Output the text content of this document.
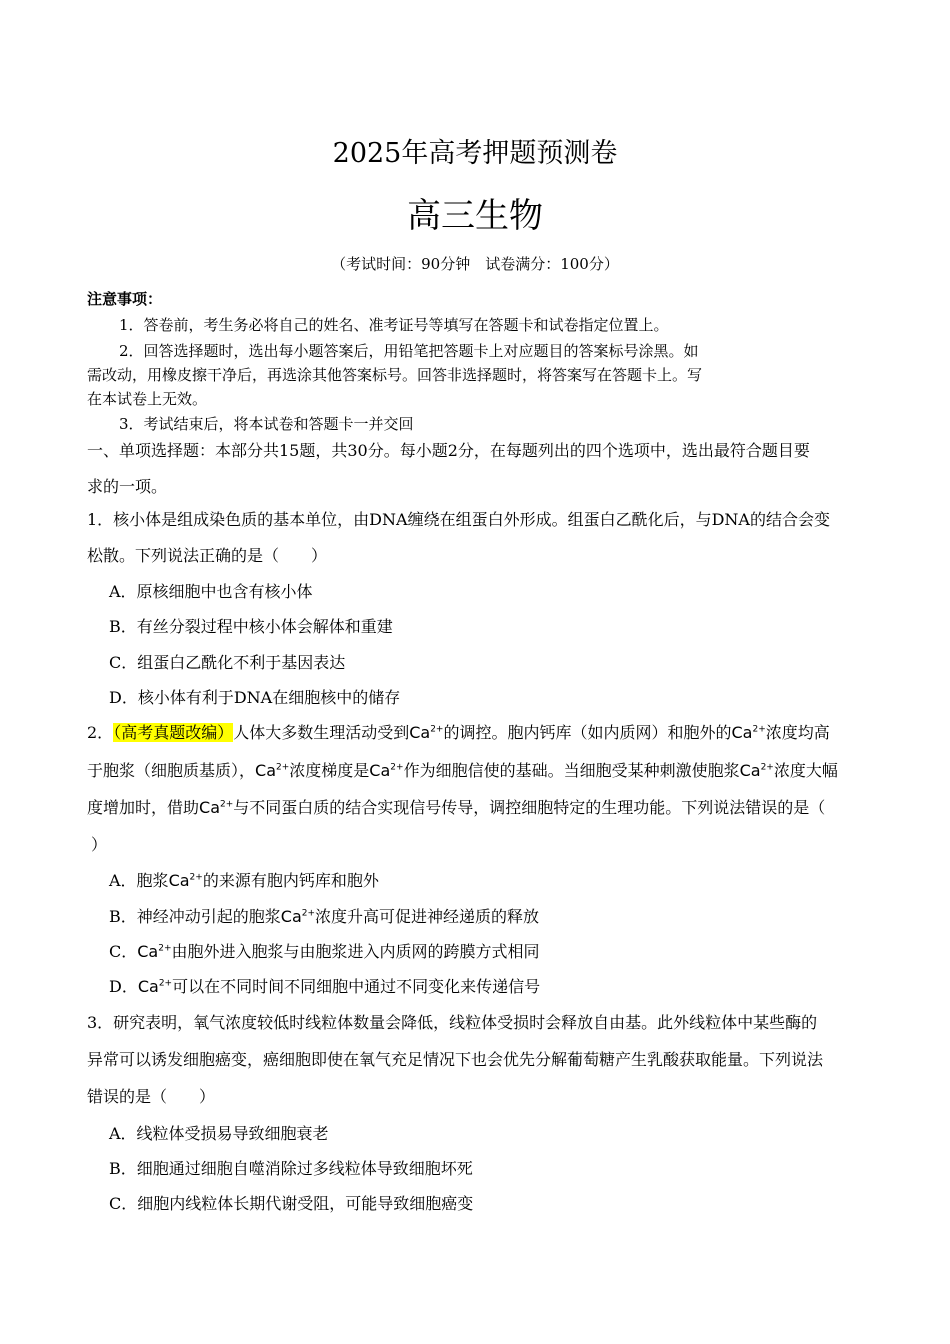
2025年高考押题预测卷
高三生物
（考试时间：90分钟　试卷满分：100分）
注意事项：
1．答卷前，考生务必将自己的姓名、准考证号等填写在答题卡和试卷指定位置上。
2．回答选择题时，选出每小题答案后，用铅笔把答题卡上对应题目的答案标号涂黑。如
需改动，用橡皮擦干净后，再选涂其他答案标号。回答非选择题时，将答案写在答题卡上。写
在本试卷上无效。
3．考试结束后，将本试卷和答题卡一并交回
一、单项选择题：本部分共15题，共30分。每小题2分，在每题列出的四个选项中，选出最符合题目要
求的一项。
1．核小体是组成染色质的基本单位，由DNA缠绕在组蛋白外形成。组蛋白乙酰化后，与DNA的结合会变
松散。下列说法正确的是（　　）
A．原核细胞中也含有核小体
B．有丝分裂过程中核小体会解体和重建
C．组蛋白乙酰化不利于基因表达
D．核小体有利于DNA在细胞核中的储存
2．（高考真题改编）人体大多数生理活动受到$Ca^{2+}$的调控。胞内钙库（如内质网）和胞外的$Ca^{2+}$浓度均高
于胞浆（细胞质基质），$Ca^{2+}$浓度梯度是$Ca^{2+}$作为细胞信使的基础。当细胞受某种刺激使胞浆$Ca^{2+}$浓度大幅
度增加时，借助$Ca^{2+}$与不同蛋白质的结合实现信号传导，调控细胞特定的生理功能。下列说法错误的是（
）
A．胞浆$Ca^{2+}$的来源有胞内钙库和胞外
B．神经冲动引起的胞浆$Ca^{2+}$浓度升高可促进神经递质的释放
C．$Ca^{2+}$由胞外进入胞浆与由胞浆进入内质网的跨膜方式相同
D．$Ca^{2+}$可以在不同时间不同细胞中通过不同变化来传递信号
3．研究表明，氧气浓度较低时线粒体数量会降低，线粒体受损时会释放自由基。此外线粒体中某些酶的
异常可以诱发细胞癌变，癌细胞即使在氧气充足情况下也会优先分解葡萄糖产生乳酸获取能量。下列说法
错误的是（　　）
A．线粒体受损易导致细胞衰老
B．细胞通过细胞自噬消除过多线粒体导致细胞坏死
C．细胞内线粒体长期代谢受阻，可能导致细胞癌变
